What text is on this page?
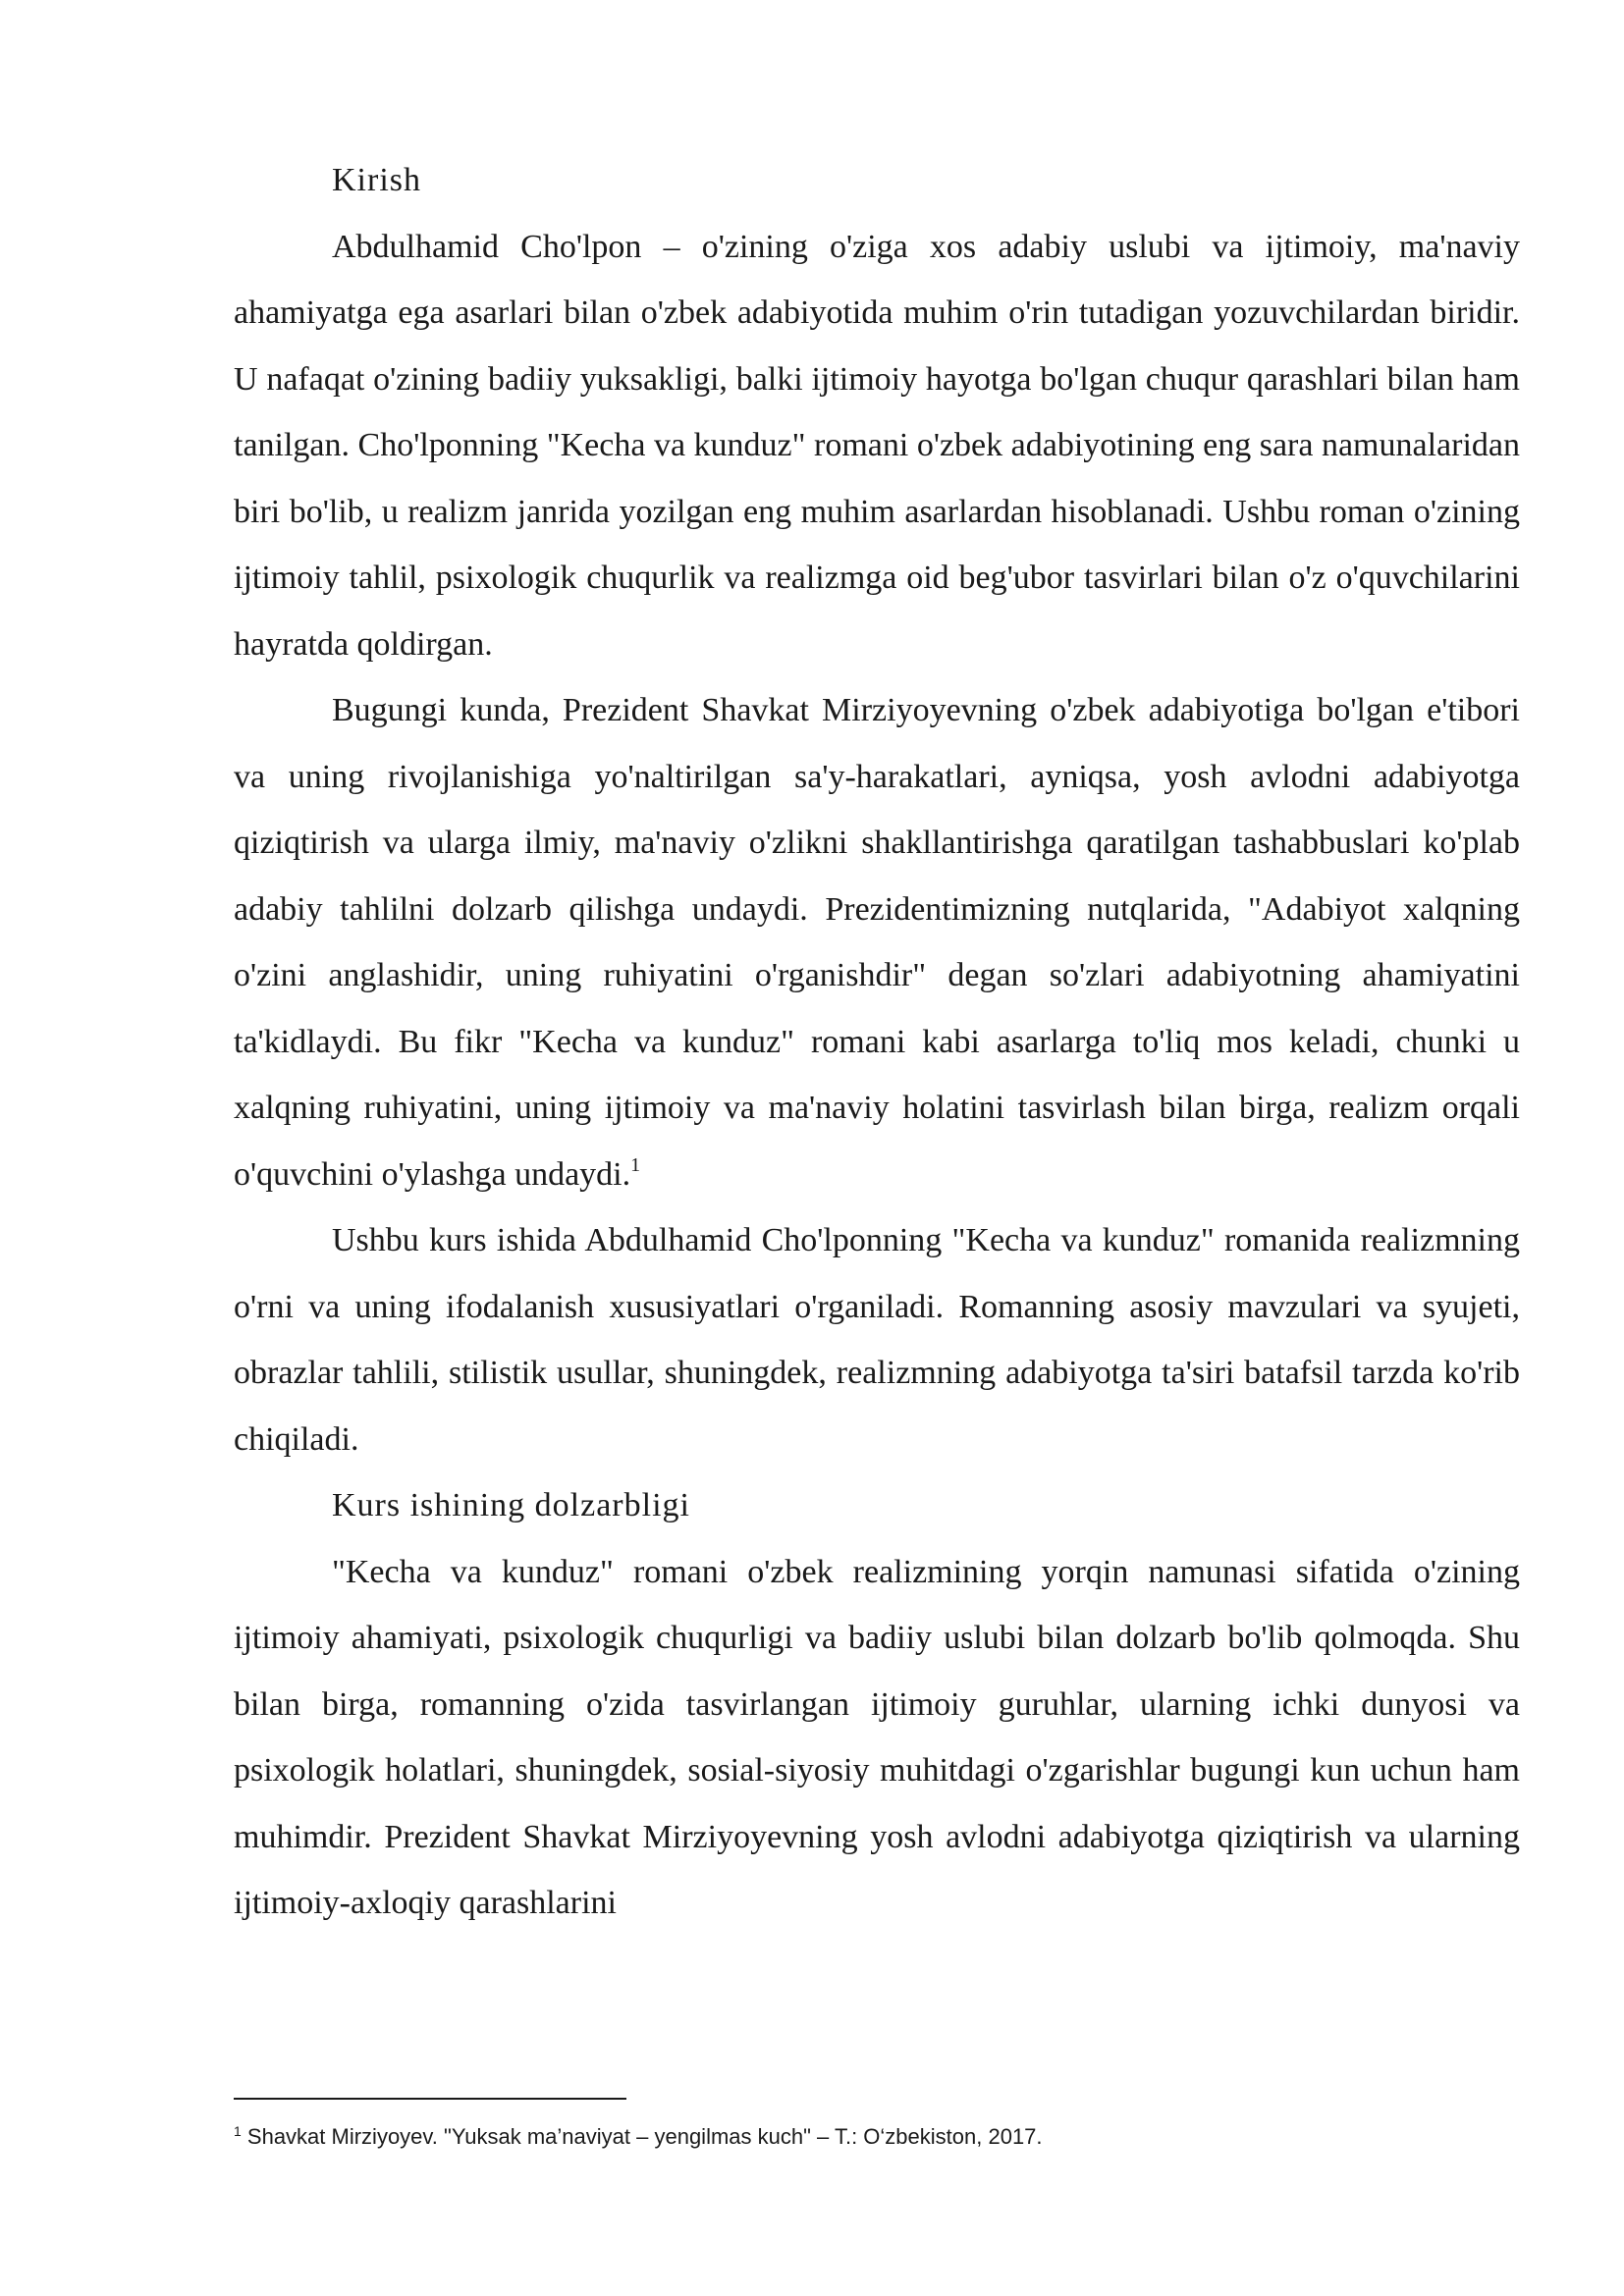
Kirish

Abdulhamid Cho'lpon – o'zining o'ziga xos adabiy uslubi va ijtimoiy, ma'naviy ahamiyatga ega asarlari bilan o'zbek adabiyotida muhim o'rin tutadigan yozuvchilardan biridir. U nafaqat o'zining badiiy yuksakligi, balki ijtimoiy hayotga bo'lgan chuqur qarashlari bilan ham tanilgan. Cho'lponning "Kecha va kunduz" romani o'zbek adabiyotining eng sara namunalaridan biri bo'lib, u realizm janrida yozilgan eng muhim asarlardan hisoblanadi. Ushbu roman o'zining ijtimoiy tahlil, psixologik chuqurlik va realizmga oid beg'ubor tasvirlari bilan o'z o'quvchilarini hayratda qoldirgan.

Bugungi kunda, Prezident Shavkat Mirziyoyevning o'zbek adabiyotiga bo'lgan e'tibori va uning rivojlanishiga yo'naltirilgan sa'y-harakatlari, ayniqsa, yosh avlodni adabiyotga qiziqtirish va ularga ilmiy, ma'naviy o'zlikni shakllantirishga qaratilgan tashabbuslari ko'plab adabiy tahlilni dolzarb qilishga undaydi. Prezidentimizning nutqlarida, "Adabiyot xalqning o'zini anglashidir, uning ruhiyatini o'rganishdir" degan so'zlari adabiyotning ahamiyatini ta'kidlaydi. Bu fikr "Kecha va kunduz" romani kabi asarlarga to'liq mos keladi, chunki u xalqning ruhiyatini, uning ijtimoiy va ma'naviy holatini tasvirlash bilan birga, realizm orqali o'quvchini o'ylashga undaydi.$^1$

Ushbu kurs ishida Abdulhamid Cho'lponning "Kecha va kunduz" romanida realizmning o'rni va uning ifodalanish xususiyatlari o'rganiladi. Romanning asosiy mavzulari va syujeti, obrazlar tahlili, stilistik usullar, shuningdek, realizmning adabiyotga ta'siri batafsil tarzda ko'rib chiqiladi.

Kurs ishining dolzarbligi

"Kecha va kunduz" romani o'zbek realizmining yorqin namunasi sifatida o'zining ijtimoiy ahamiyati, psixologik chuqurligi va badiiy uslubi bilan dolzarb bo'lib qolmoqda. Shu bilan birga, romanning o'zida tasvirlangan ijtimoiy guruhlar, ularning ichki dunyosi va psixologik holatlari, shuningdek, sosial-siyosiy muhitdagi o'zgarishlar bugungi kun uchun ham muhimdir. Prezident Shavkat Mirziyoyevning yosh avlodni adabiyotga qiziqtirish va ularning ijtimoiy-axloqiy qarashlarini

$^1$ Shavkat Mirziyoyev. "Yuksak ma’naviyat – yengilmas kuch" – T.: O‘zbekiston, 2017.
